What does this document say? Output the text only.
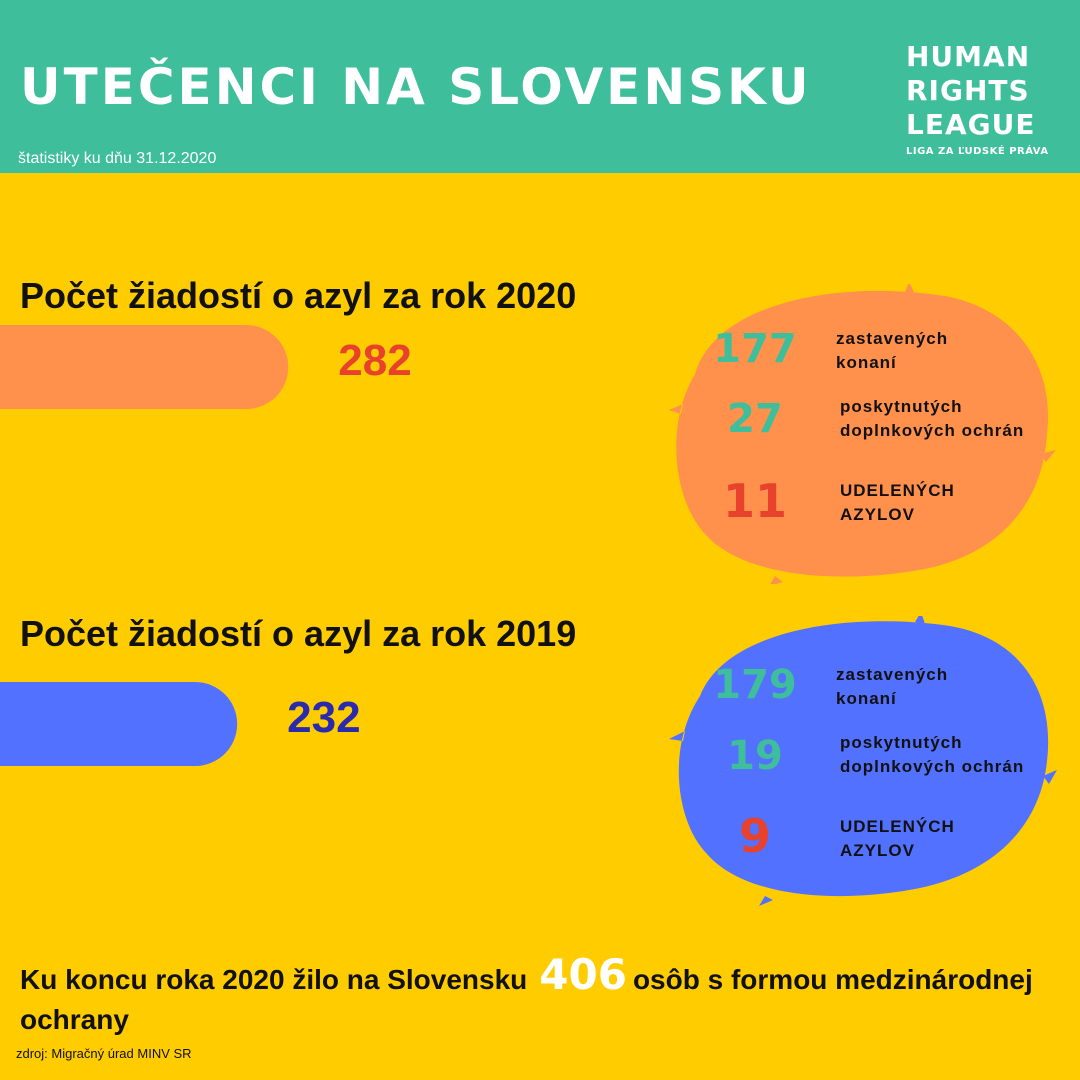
UTEČENCI NA SLOVENSKU
štatistiky ku dňu 31.12.2020
HUMAN
RIGHTS
LEAGUE
LIGA ZA ĽUDSKÉ PRÁVA
Počet žiadostí o azyl za rok 2020
282	177	zastavených
konaní
27	poskytnutých
doplnkových ochrán
11	UDELENÝCH
AZYLOV
Počet žiadostí o azyl za rok 2019
232
179	zastavených
konaní
19	poskytnutých
doplnkových ochrán
9	UDELENÝCH
AZYLOV
Ku koncu roka 2020 žilo na Slovensku 406 osôb s formou medzinárodnej ochrany
zdroj: Migračný úrad MINV SR
